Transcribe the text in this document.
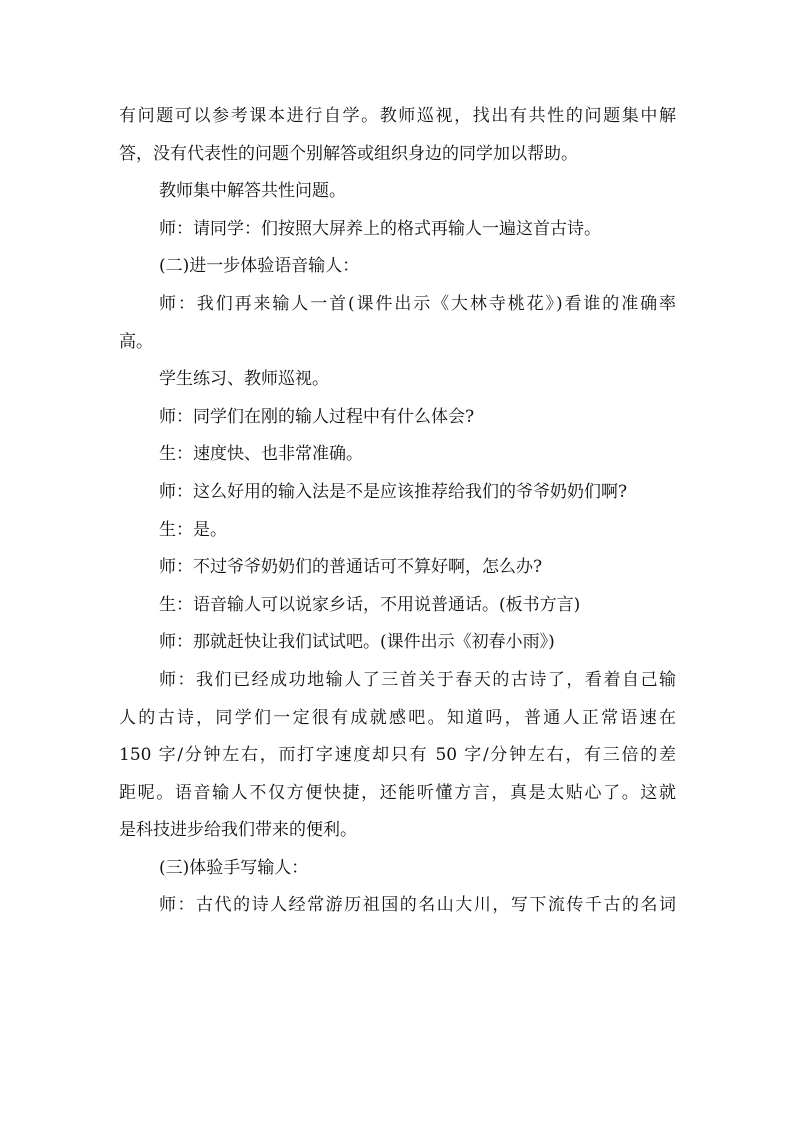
有问题可以参考课本进行自学。教师巡视，找出有共性的问题集中解
答，没有代表性的问题个别解答或组织身边的同学加以帮助。
教师集中解答共性问题。
师：请同学：们按照大屏养上的格式再输人一遍这首古诗。
(二)进一步体验语音输人：
师：我们再来输人一首(课件出示《大林寺桃花》)看谁的准确率
高。
学生练习、教师巡视。
师：同学们在刚的输人过程中有什么体会?
生：速度快、也非常准确。
师：这么好用的输入法是不是应该推荐给我们的爷爷奶奶们啊?
生：是。
师：不过爷爷奶奶们的普通话可不算好啊，怎么办?
生：语音输人可以说家乡话，不用说普通话。(板书方言)
师：那就赶快让我们试试吧。(课件出示《初春小雨》)
师：我们已经成功地输人了三首关于春天的古诗了，看着自己输
人的古诗，同学们一定很有成就感吧。知道吗，普通人正常语速在
150 字/分钟左右，而打字速度却只有 50 字/分钟左右，有三倍的差
距呢。语音输人不仅方便快捷，还能听懂方言，真是太贴心了。这就
是科技进步给我们带来的便利。
(三)体验手写输人：
师：古代的诗人经常游历祖国的名山大川，写下流传千古的名词
